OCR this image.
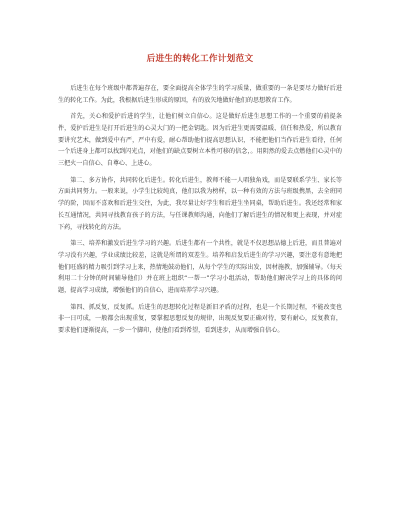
后进生的转化工作计划范文

后进生在每个班级中都普遍存在，要全面提高全体学生的学习质量，做重要的一条是要尽力做好后进生的转化工作。为此，我根据后进生形成的原因，有的放矢地做好他们的思想教育工作。

首先，关心和爱护后进的学生，让他们树立自信心。这是做好后进生思想工作的一个重要的前提条件，爱护后进生是打开后进生的心灵大门的一把金钥匙。因为后进生更需要温暖、信任和热爱，所以教育要讲究艺术，做到爱中有严，严中有爱，耐心帮助他们提高思想认识，不能把他们当作后进生看待，任何一个后进身上都可以找到闪光点，对他们的缺点要树立本性可移的信念，。用阴然的爱去点燃他们心灵中的三把火一自信心、自尊心、上进心。

第二、多方协作，共同转化后进生。转化后进生，教师不能一人唱独角戏，而是要联系学生、家长等方面共同努力。一般来说，小学生比较纯真，他们以我为榜样，以一种有效的方法与班级携黑，去全班同学的阶，因而不喜欢和后进生交往，为此，我尽量让好学生和后进生坐同桌，帮助后进生。我还经常和家长互通情况，共同寻找教育孩子的方法，与任课教师沟通，向他们了解后进生的情况和更上表现，并对症下药，寻找转化的方法。

第三、培养和激发后进生学习的兴趣。后进生都有一个共性，就是不仅思想品德上后进，而且普遍对学习没有兴趣，学业成绩比较差，这就是所谓的双差生。培养和启发后进生的学习兴趣，要注意有意地把他们旺盛的精力吸引到学习上来，热情地鼓动他们，从每个学生的实际出发，因材施教，加强辅导。（每天利用二十分钟的时间辅导他们）并在班上组织“一帮一”学习小组活动，帮助他们解决学习上的具体的问题，提高学习成绩，增强他们的自信心，进而培养学习兴趣。

第四、抓反复，反复抓。后进生的思想转化过程是新旧矛盾的过程，也是一个长期过程，不能改变也非一日可成，一般都会出现重复，要掌握思想反复的规律，出现反复要正确对待，要有耐心，反复教育，要求他们逐渐提高，一步一个脚印，使他们看到希望，看到进步，从而增强自信心。
